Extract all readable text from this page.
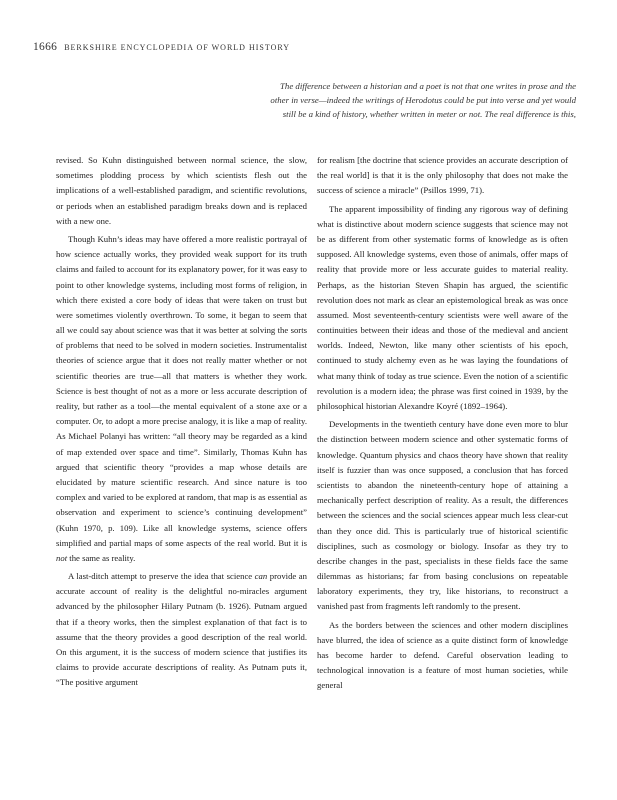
1666 BERKSHIRE ENCYCLOPEDIA OF WORLD HISTORY

The difference between a historian and a poet is not that one writes in prose and the

other in verse—indeed the writings of Herodotus could be put into verse and yet would

still be a kind of history, whether written in meter or not. The real difference is this,

revised. So Kuhn distinguished between normal science, the slow, sometimes plodding process by which scientists flesh out the implications of a well-established paradigm, and scientific revolutions, or periods when an established paradigm breaks down and is replaced with a new one.

Though Kuhn’s ideas may have offered a more realistic portrayal of how science actually works, they provided weak support for its truth claims and failed to account for its explanatory power, for it was easy to point to other knowledge systems, including most forms of religion, in which there existed a core body of ideas that were taken on trust but were sometimes violently overthrown. To some, it began to seem that all we could say about science was that it was better at solving the sorts of problems that need to be solved in modern societies. Instrumentalist theories of science argue that it does not really matter whether or not scientific theories are true—all that matters is whether they work. Science is best thought of not as a more or less accurate description of reality, but rather as a tool—the mental equivalent of a stone axe or a computer. Or, to adopt a more precise analogy, it is like a map of reality. As Michael Polanyi has written: “all theory may be regarded as a kind of map extended over space and time”. Similarly, Thomas Kuhn has argued that scientific theory “provides a map whose details are elucidated by mature scientific research. And since nature is too complex and varied to be explored at random, that map is as essential as observation and experiment to science’s continuing development” (Kuhn 1970, p. 109). Like all knowledge systems, science offers simplified and partial maps of some aspects of the real world. But it is not the same as reality.

A last-ditch attempt to preserve the idea that science can provide an accurate account of reality is the delightful no-miracles argument advanced by the philosopher Hilary Putnam (b. 1926). Putnam argued that if a theory works, then the simplest explanation of that fact is to assume that the theory provides a good description of the real world. On this argument, it is the success of modern science that justifies its claims to provide accurate descriptions of reality. As Putnam puts it, “The positive argument

for realism [the doctrine that science provides an accurate description of the real world] is that it is the only philosophy that does not make the success of science a miracle” (Psillos 1999, 71).

The apparent impossibility of finding any rigorous way of defining what is distinctive about modern science suggests that science may not be as different from other systematic forms of knowledge as is often supposed. All knowledge systems, even those of animals, offer maps of reality that provide more or less accurate guides to material reality. Perhaps, as the historian Steven Shapin has argued, the scientific revolution does not mark as clear an epistemological break as was once assumed. Most seventeenth-century scientists were well aware of the continuities between their ideas and those of the medieval and ancient worlds. Indeed, Newton, like many other scientists of his epoch, continued to study alchemy even as he was laying the foundations of what many think of today as true science. Even the notion of a scientific revolution is a modern idea; the phrase was first coined in 1939, by the philosophical historian Alexandre Koyré (1892–1964).

Developments in the twentieth century have done even more to blur the distinction between modern science and other systematic forms of knowledge. Quantum physics and chaos theory have shown that reality itself is fuzzier than was once supposed, a conclusion that has forced scientists to abandon the nineteenth-century hope of attaining a mechanically perfect description of reality. As a result, the differences between the sciences and the social sciences appear much less clear-cut than they once did. This is particularly true of historical scientific disciplines, such as cosmology or biology. Insofar as they try to describe changes in the past, specialists in these fields face the same dilemmas as historians; far from basing conclusions on repeatable laboratory experiments, they try, like historians, to reconstruct a vanished past from fragments left randomly to the present.

As the borders between the sciences and other modern disciplines have blurred, the idea of science as a quite distinct form of knowledge has become harder to defend. Careful observation leading to technological innovation is a feature of most human societies, while general
